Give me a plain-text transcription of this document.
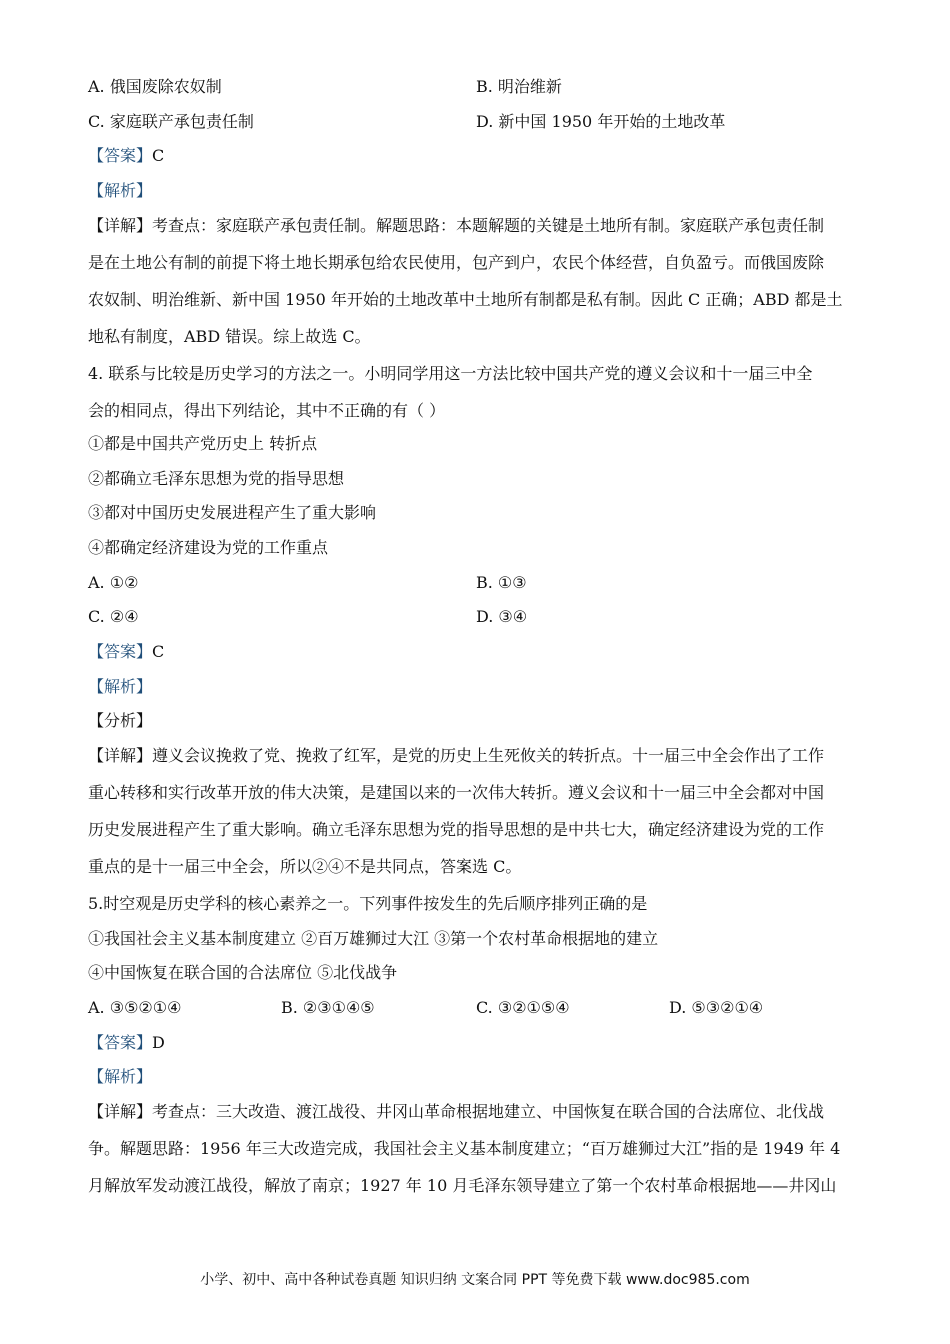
A. 俄国废除农奴制	B. 明治维新
C. 家庭联产承包责任制	D. 新中国 1950 年开始的土地改革
【答案】C
【解析】
【详解】考查点：家庭联产承包责任制。解题思路：本题解题的关键是土地所有制。家庭联产承包责任制
是在土地公有制的前提下将土地长期承包给农民使用，包产到户，农民个体经营，自负盈亏。而俄国废除
农奴制、明治维新、新中国 1950 年开始的土地改革中土地所有制都是私有制。因此 C 正确；ABD 都是土
地私有制度，ABD 错误。综上故选 C。
4. 联系与比较是历史学习的方法之一。小明同学用这一方法比较中国共产党的遵义会议和十一届三中全
会的相同点，得出下列结论，其中不正确的有（ ）
①都是中国共产党历史上 转折点
②都确立毛泽东思想为党的指导思想
③都对中国历史发展进程产生了重大影响
④都确定经济建设为党的工作重点
A. ①②	B. ①③
C. ②④	D. ③④
【答案】C
【解析】
【分析】
【详解】遵义会议挽救了党、挽救了红军，是党的历史上生死攸关的转折点。十一届三中全会作出了工作
重心转移和实行改革开放的伟大决策，是建国以来的一次伟大转折。遵义会议和十一届三中全会都对中国
历史发展进程产生了重大影响。确立毛泽东思想为党的指导思想的是中共七大，确定经济建设为党的工作
重点的是十一届三中全会，所以②④不是共同点，答案选 C。
5.时空观是历史学科的核心素养之一。下列事件按发生的先后顺序排列正确的是
①我国社会主义基本制度建立 ②百万雄狮过大江 ③第一个农村革命根据地的建立
④中国恢复在联合国的合法席位 ⑤北伐战争
A. ③⑤②①④	B. ②③①④⑤	C. ③②①⑤④	D. ⑤③②①④
【答案】D
【解析】
【详解】考查点：三大改造、渡江战役、井冈山革命根据地建立、中国恢复在联合国的合法席位、北伐战
争。解题思路：1956 年三大改造完成，我国社会主义基本制度建立；“百万雄狮过大江”指的是 1949 年 4
月解放军发动渡江战役，解放了南京；1927 年 10 月毛泽东领导建立了第一个农村革命根据地——井冈山
小学、初中、高中各种试卷真题 知识归纳 文案合同 PPT 等免费下载 www.doc985.com
